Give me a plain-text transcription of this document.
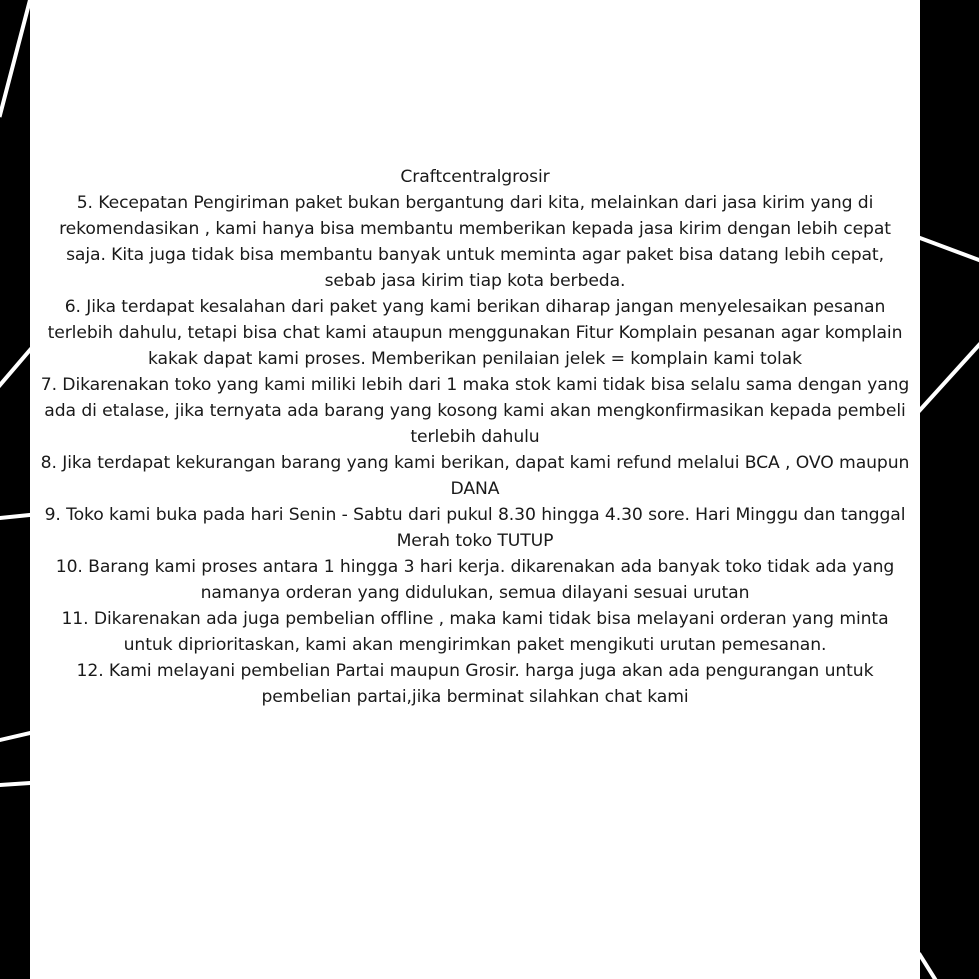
Craftcentralgrosir

5. Kecepatan Pengiriman paket bukan bergantung dari kita, melainkan dari jasa kirim yang di rekomendasikan , kami hanya bisa membantu memberikan kepada jasa kirim dengan lebih cepat saja. Kita juga tidak bisa membantu banyak untuk meminta agar paket bisa datang lebih cepat, sebab jasa kirim tiap kota berbeda.

6. Jika terdapat kesalahan dari paket yang kami berikan diharap jangan menyelesaikan pesanan terlebih dahulu, tetapi bisa chat kami ataupun menggunakan Fitur Komplain pesanan agar komplain kakak dapat kami proses. Memberikan penilaian jelek = komplain kami tolak

7. Dikarenakan toko yang kami miliki lebih dari 1 maka stok kami tidak bisa selalu sama dengan yang ada di etalase, jika ternyata ada barang yang kosong kami akan mengkonfirmasikan kepada pembeli terlebih dahulu

8. Jika terdapat kekurangan barang yang kami berikan, dapat kami refund melalui BCA , OVO maupun DANA

9. Toko kami buka pada hari Senin - Sabtu dari pukul 8.30 hingga 4.30 sore. Hari Minggu dan tanggal Merah toko TUTUP

10. Barang kami proses antara 1 hingga 3 hari kerja. dikarenakan ada banyak toko tidak ada yang namanya orderan yang didulukan, semua dilayani sesuai urutan

11. Dikarenakan ada juga pembelian offline , maka kami tidak bisa melayani orderan yang minta untuk diprioritaskan, kami akan mengirimkan paket mengikuti urutan pemesanan.

12. Kami melayani pembelian Partai maupun Grosir. harga juga akan ada pengurangan untuk pembelian partai,jika berminat silahkan chat kami
